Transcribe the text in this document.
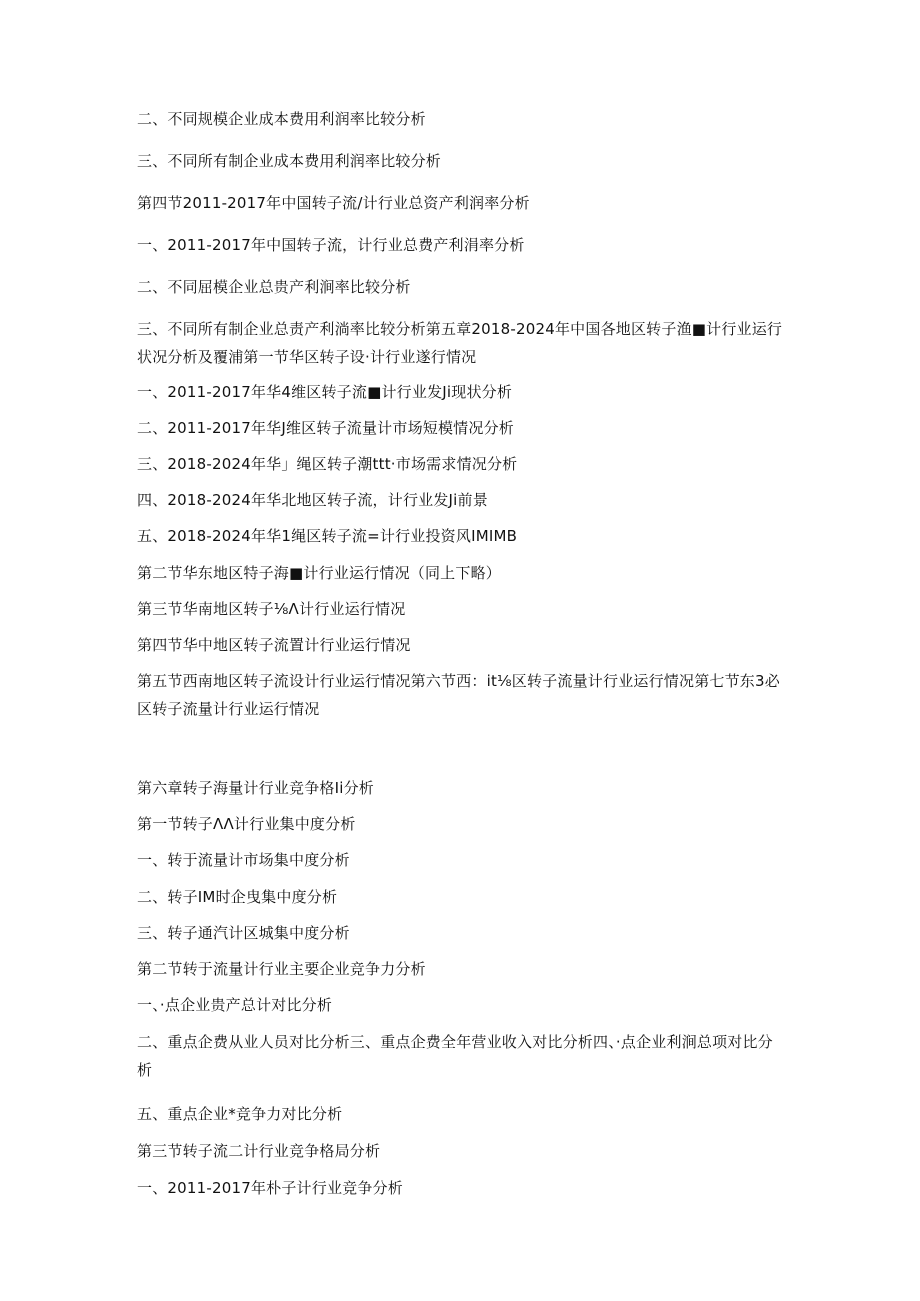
二、不同规模企业成本费用利润率比较分析
三、不同所有制企业成本费用利润率比较分析
第四节2011-2017年中国转子流/计行业总资产利润率分析
一、2011-2017年中国转子流，计行业总费产利涓率分析
二、不同屈模企业总贵产利涧率比较分析
三、不同所有制企业总责产利淌率比较分析第五章2018-2024年中国各地区转子渔■计行业运行状况分析及覆浦第一节华区转子设·计行业遂行情况
一、2011-2017年华4维区转子流■计行业发Ji现状分析
二、2011-2017年华J维区转子流量计市场短模情况分析
三、2018-2024年华」绳区转子潮ttt·市场需求情况分析
四、2018-2024年华北地区转子流，计行业发Ji前景
五、2018-2024年华1绳区转子流=计行业投资风IMIMB
第二节华东地区特子海■计行业运行情况（同上下略）
第三节华南地区转子⅛Λ计行业运行情况
第四节华中地区转子流置计行业运行情况
第五节西南地区转子流设计行业运行情况第六节西：it⅛区转子流量计行业运行情况第七节东3必区转子流量计行业运行情况
第六章转子海量计行业竞争格Ii分析
第一节转子ΛΛ计行业集中度分析
一、转于流量计市场集中度分析
二、转子IM时企曳集中度分析
三、转子通汽计区城集中度分析
第二节转于流量计行业主要企业竞争力分析
一、·点企业贵产总计对比分析
二、重点企费从业人员对比分析三、重点企费全年营业收入对比分析四、·点企业利涧总项对比分析
五、重点企业*竞争力对比分析
第三节转子流二计行业竞争格局分析
一、2011-2017年朴子计行业竞争分析
